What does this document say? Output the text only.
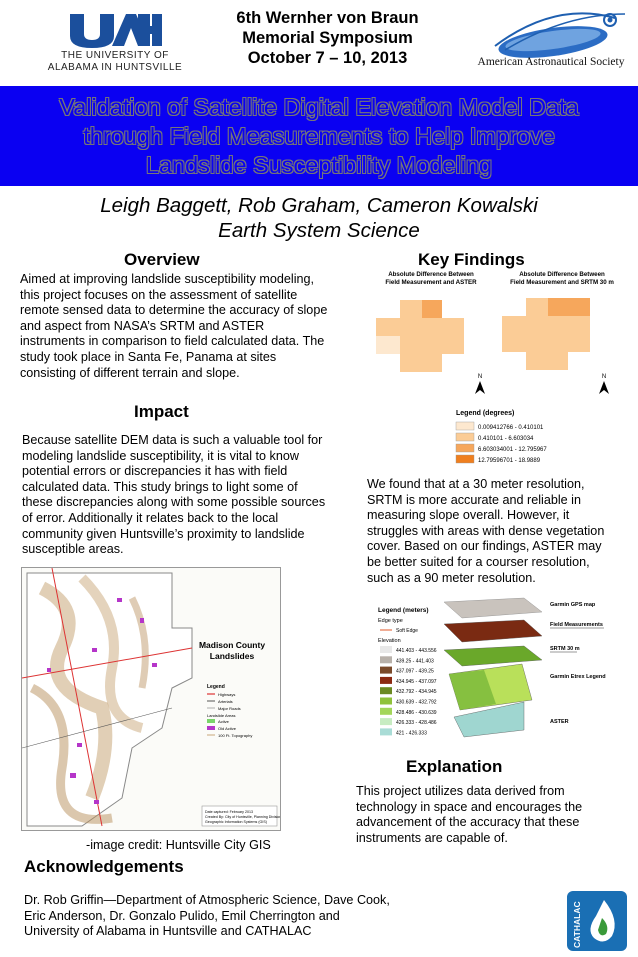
THE UNIVERSITY OF
ALABAMA IN HUNTSVILLE
6th Wernher von Braun
Memorial Symposium
October 7 – 10, 2013	American Astronautical Society
Validation of Satellite Digital Elevation Model Data
through Field Measurements to Help Improve
Landslide Susceptibility Modeling
Leigh Baggett, Rob Graham, Cameron Kowalski
Earth System Science
Overview
Aimed at improving landslide susceptibility modeling,
this project focuses on the assessment of satellite
remote sensed data to determine the accuracy of slope
and aspect from NASA’s SRTM and ASTER
instruments in comparison to field calculated data. The
study took place in Santa Fe, Panama at sites
consisting of different terrain and slope.
Impact
Because satellite DEM data is such a valuable tool for
modeling landslide susceptibility, it is vital to know
potential errors or discrepancies it has with field
calculated data. This study brings to light some of
these discrepancies along with some possible sources
of error. Additionally it relates back to the local
community given Huntsville’s proximity to landslide
susceptible areas.
Madison County
Landslides
Legend
Highways
Arterials
Major Roads
Landslide Areas
Active
Old Active
100 Ft. Topography
Date captured: February 2013
Created By: City of Huntsville, Planning Division
Geographic Information Systems (GIS)
-image credit: Huntsville City GIS
Key Findings
Absolute Difference Between
Field Measurement and ASTER
Absolute Difference Between
Field Measurement and SRTM 30 m
N	N
Legend (degrees)
0.009412766 - 0.410101
0.410101 - 6.603034
6.603034001 - 12.795967
12.79596701 - 18.9889
We found that at a 30 meter resolution,
SRTM is more accurate and reliable in
measuring slope overall. However, it
struggles with areas with dense vegetation
cover. Based on our findings, ASTER may
be better suited for a courser resolution,
such as a 90 meter resolution.
Legend (meters)
Edge type
Soft Edge
Elevation
441.403 - 443.556
439.25 - 441.403
437.097 - 439.25
434.945 - 437.097
432.792 - 434.945
430.639 - 432.792
428.486 - 430.639
426.333 - 428.486
421 - 426.333
Garmin GPS map
Field Measurements
SRTM 30 m
Garmin Etrex Legend
ASTER
Explanation
This project utilizes data derived from
technology in space and encourages the
advancement of the accuracy that these
instruments are capable of.
Acknowledgements
Dr. Rob Griffin—Department of Atmospheric Science, Dave Cook,
Eric Anderson, Dr. Gonzalo Pulido, Emil Cherrington and
University of Alabama in Huntsville and CATHALAC	CATHALAC
